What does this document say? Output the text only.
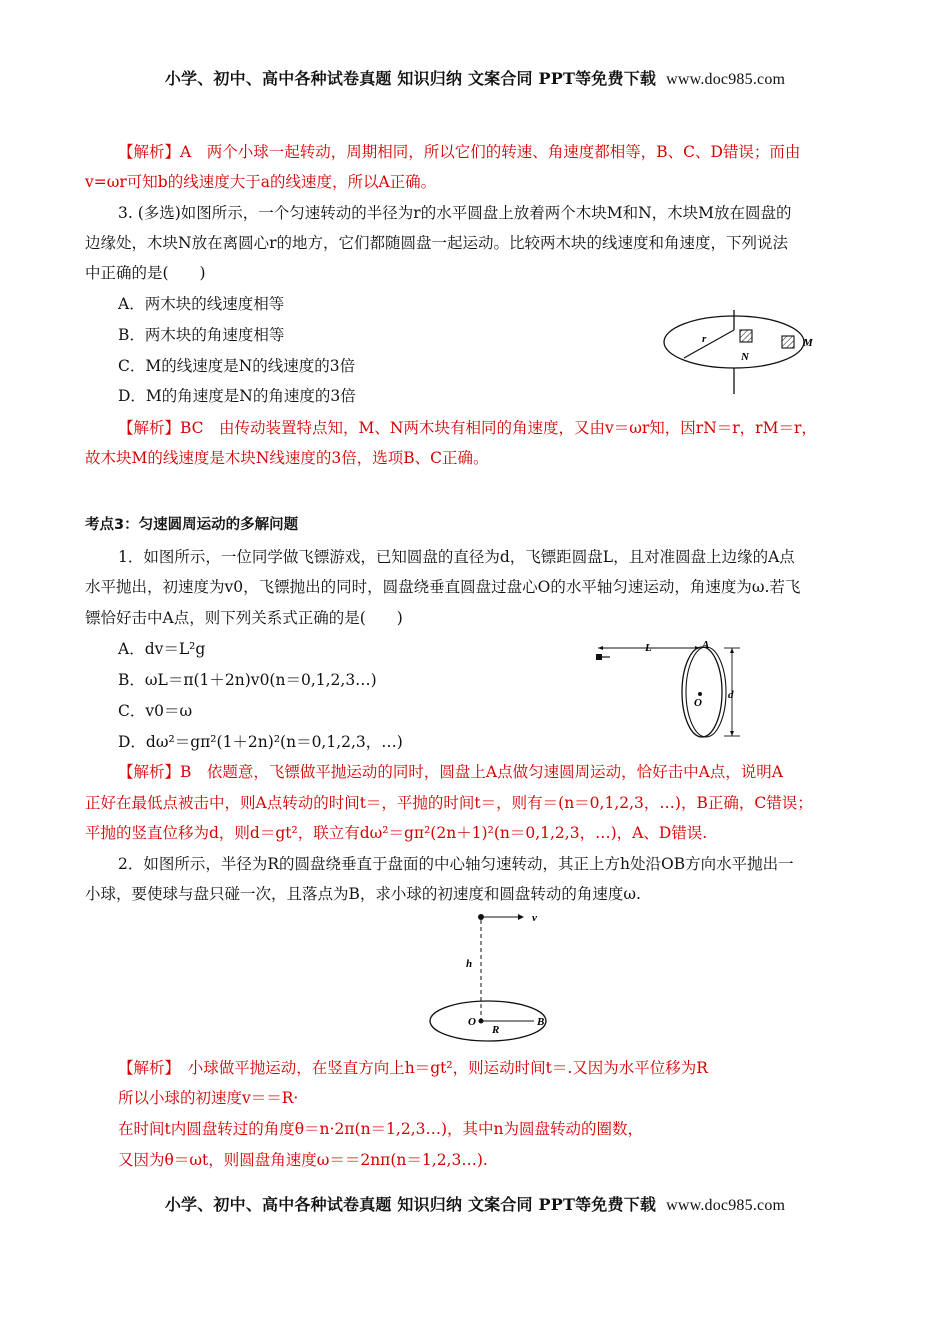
小学、初中、高中各种试卷真题 知识归纳 文案合同 PPT等免费下载 www.doc985.com
【解析】A　两个小球一起转动，周期相同，所以它们的转速、角速度都相等，B、C、D错误；而由
v=ωr可知b的线速度大于a的线速度，所以A正确。
3. (多选)如图所示，一个匀速转动的半径为r的水平圆盘上放着两个木块M和N，木块M放在圆盘的
边缘处，木块N放在离圆心r的地方，它们都随圆盘一起运动。比较两木块的线速度和角速度，下列说法
中正确的是(　　)
A．两木块的线速度相等
B．两木块的角速度相等
C．M的线速度是N的线速度的3倍
D．M的角速度是N的角速度的3倍
【解析】BC　由传动装置特点知，M、N两木块有相同的角速度，又由v＝ωr知，因rN＝r，rM＝r，
故木块M的线速度是木块N线速度的3倍，选项B、C正确。
考点3：匀速圆周运动的多解问题
1．如图所示，一位同学做飞镖游戏，已知圆盘的直径为d，飞镖距圆盘L，且对准圆盘上边缘的A点
水平抛出，初速度为v0，飞镖抛出的同时，圆盘绕垂直圆盘过盘心O的水平轴匀速运动，角速度为ω.若飞
镖恰好击中A点，则下列关系式正确的是(　　)
A．dv＝L²g
B．ωL＝π(1＋2n)v0(n＝0,1,2,3…)
C．v0＝ω
D．dω²＝gπ²(1＋2n)²(n＝0,1,2,3，…)
【解析】B　依题意，飞镖做平抛运动的同时，圆盘上A点做匀速圆周运动，恰好击中A点，说明A
正好在最低点被击中，则A点转动的时间t＝，平抛的时间t＝，则有＝(n＝0,1,2,3，…)，B正确，C错误；
平抛的竖直位移为d，则d＝gt²，联立有dω²＝gπ²(2n＋1)²(n＝0,1,2,3，…)，A、D错误.
2．如图所示，半径为R的圆盘绕垂直于盘面的中心轴匀速转动，其正上方h处沿OB方向水平抛出一
小球，要使球与盘只碰一次，且落点为B，求小球的初速度和圆盘转动的角速度ω.
【解析】　小球做平抛运动，在竖直方向上h＝gt²，则运动时间t＝.又因为水平位移为R
所以小球的初速度v＝＝R·
在时间t内圆盘转过的角度θ＝n·2π(n＝1,2,3…)，其中n为圆盘转动的圈数，
又因为θ＝ωt，则圆盘角速度ω＝＝2nπ(n＝1,2,3…).
r
N
M
L	A
O
d
v
h
O
R
B
小学、初中、高中各种试卷真题 知识归纳 文案合同 PPT等免费下载 www.doc985.com
